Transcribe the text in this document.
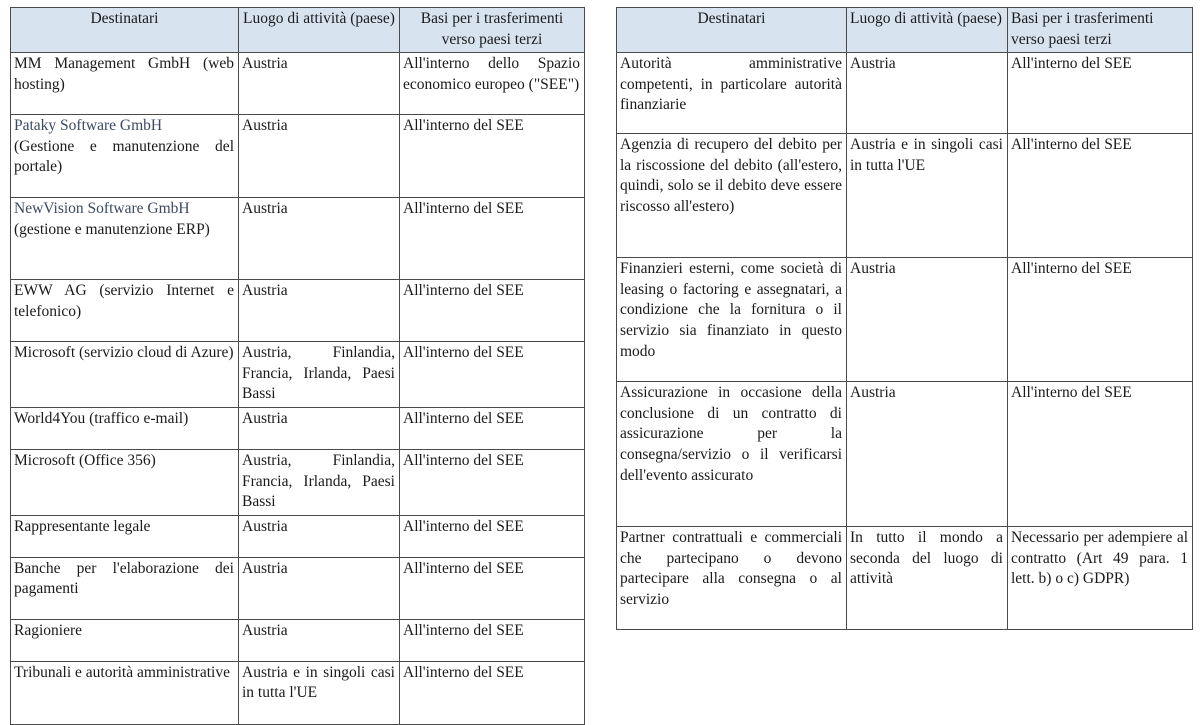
Destinatari	Luogo di attività (paese)	Basi per i trasferimenti verso paesi terzi
MM Management GmbH (web hosting)	Austria	All'interno dello Spazio economico europeo ("SEE")

Pataky Software GmbH
(Gestione e manutenzione del portale)	Austria	All'interno del SEE

NewVision Software GmbH
(gestione e manutenzione ERP)	Austria	All'interno del SEE
EWW AG (servizio Internet e telefonico)	Austria	All'interno del SEE
Microsoft (servizio cloud di Azure)	Austria, Finlandia, Francia, Irlanda, Paesi Bassi	All'interno del SEE
World4You (traffico e-mail)	Austria	All'interno del SEE
Microsoft (Office 356)	Austria, Finlandia, Francia, Irlanda, Paesi Bassi	All'interno del SEE
Rappresentante legale	Austria	All'interno del SEE
Banche per l'elaborazione dei pagamenti	Austria	All'interno del SEE
Ragioniere	Austria	All'interno del SEE
Tribunali e autorità amministrative	Austria e in singoli casi in tutta l'UE	All'interno del SEE
Destinatari	Luogo di attività (paese)	Basi per i trasferimenti verso paesi terzi
Autorità amministrative competenti, in particolare autorità finanziarie	Austria	All'interno del SEE
Agenzia di recupero del debito per la riscossione del debito (all'estero, quindi, solo se il debito deve essere riscosso all'estero)	Austria e in singoli casi in tutta l'UE	All'interno del SEE
Finanzieri esterni, come società di leasing o factoring e assegnatari, a condizione che la fornitura o il servizio sia finanziato in questo modo	Austria	All'interno del SEE
Assicurazione in occasione della conclusione di un contratto di assicurazione per la consegna/servizio o il verificarsi dell'evento assicurato	Austria	All'interno del SEE
Partner contrattuali e commerciali che partecipano o devono partecipare alla consegna o al servizio	In tutto il mondo a seconda del luogo di attività	Necessario per adempiere al contratto (Art 49 para. 1 lett. b) o c) GDPR)
